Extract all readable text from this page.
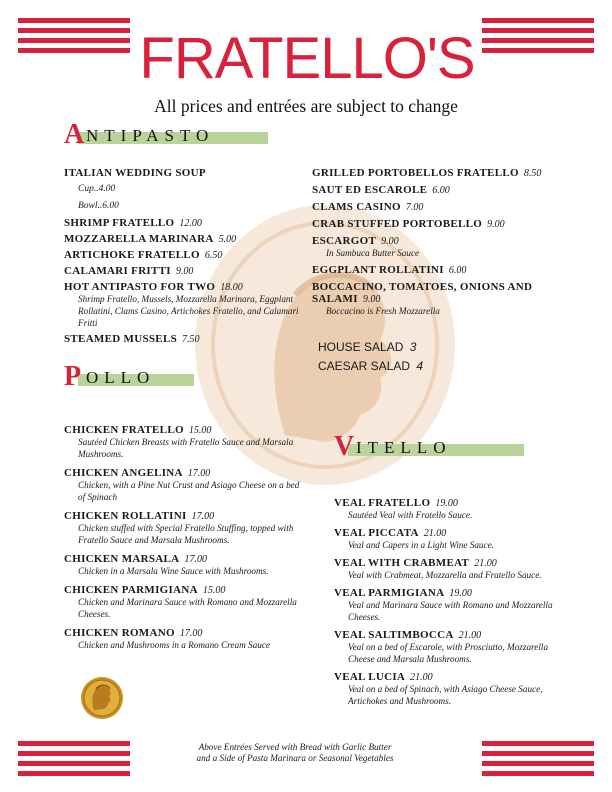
FRATELLO'S
All prices and entrées are subject to change
A NTIPASTO
ITALIAN WEDDING SOUP
Cup..4.00
Bowl..6.00
SHRIMP FRATELLO 12.00
MOZZARELLA MARINARA 5.00
ARTICHOKE FRATELLO 6.50
CALAMARI FRITTI 9.00
HOT ANTIPASTO FOR TWO 18.00
Shrimp Fratello, Mussels, Mozzarella Marinara, Eggplant Rollatini, Clams Casino, Artichokes Fratello, and Calamari Fritti
STEAMED MUSSELS 7.50
GRILLED PORTOBELLOS FRATELLO 8.50
SAUT ED ESCAROLE 6.00
CLAMS CASINO 7.00
CRAB STUFFED PORTOBELLO 9.00
ESCARGOT 9.00
In Sambuca Butter Sauce
EGGPLANT ROLLATINI 6.00
BOCCACINO, TOMATOES, ONIONS AND SALAMI 9.00
Boccacino is Fresh Mozzarella
HOUSE SALAD 3
CAESAR SALAD 4
P OLLO
CHICKEN FRATELLO 15.00
Sautéed Chicken Breasts with Fratello Sauce and Marsala Mushrooms.
CHICKEN ANGELINA 17.00
Chicken, with a Pine Nut Crust and Asiago Cheese on a bed of Spinach
CHICKEN ROLLATINI 17.00
Chicken stuffed with Special Fratello Stuffing, topped with Fratello Sauce and Marsala Mushrooms.
CHICKEN MARSALA 17.00
Chicken in a Marsala Wine Sauce with Mushrooms.
CHICKEN PARMIGIANA 15.00
Chicken and Marinara Sauce with Romano and Mozzarella Cheeses.
CHICKEN ROMANO 17.00
Chicken and Mushrooms in a Romano Cream Sauce
V ITELLO
VEAL FRATELLO 19.00
Sautéed Veal with Fratello Sauce.
VEAL PICCATA 21.00
Veal and Capers in a Light Wine Sauce.
VEAL WITH CRABMEAT 21.00
Veal with Crabmeat, Mozzarella and Fratello Sauce.
VEAL PARMIGIANA 19.00
Veal and Marinara Sauce with Romano and Mozzarella Cheeses.
VEAL SALTIMBOCCA 21.00
Veal on a bed of Escarole, with Prosciutto, Mozzarella Cheese and Marsala Mushrooms.
VEAL LUCIA 21.00
Veal on a bed of Spinach, with Asiago Cheese Sauce, Artichokes and Mushrooms.
Above Entrées Served with Bread with Garlic Butter
and a Side of Pasta Marinara or Seasonal Vegetables
